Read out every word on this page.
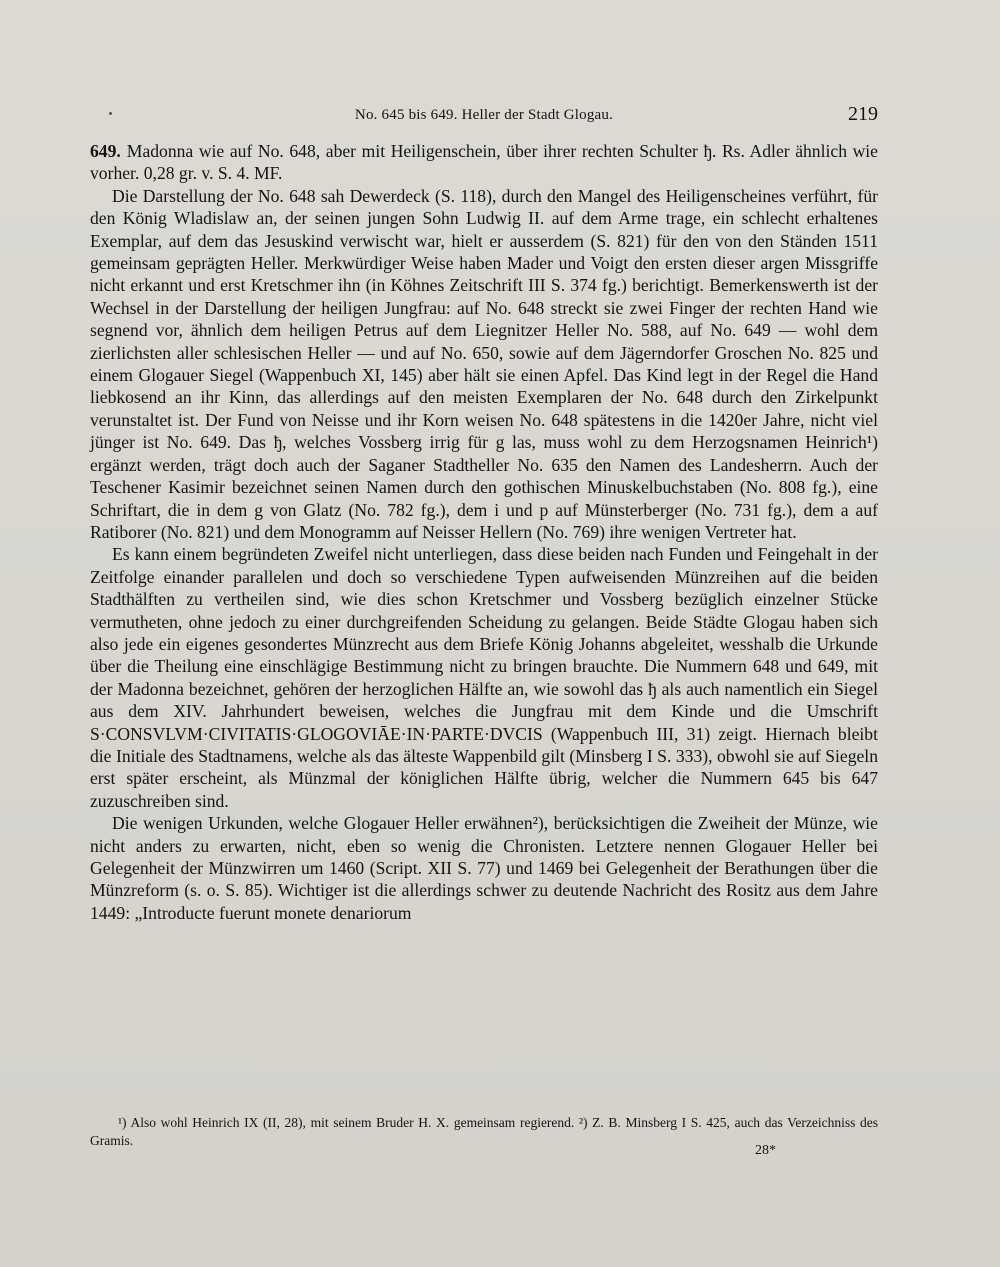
No. 645 bis 649. Heller der Stadt Glogau.	219

649. Madonna wie auf No. 648, aber mit Heiligenschein, über ihrer rechten Schulter ђ. Rs. Adler ähnlich wie vorher. 0,28 gr. v. S. 4. MF.

Die Darstellung der No. 648 sah Dewerdeck (S. 118), durch den Mangel des Heiligenscheines verführt, für den König Wladislaw an, der seinen jungen Sohn Ludwig II. auf dem Arme trage, ein schlecht erhaltenes Exemplar, auf dem das Jesuskind verwischt war, hielt er ausserdem (S. 821) für den von den Ständen 1511 gemeinsam geprägten Heller. Merkwürdiger Weise haben Mader und Voigt den ersten dieser argen Missgriffe nicht erkannt und erst Kretschmer ihn (in Köhnes Zeitschrift III S. 374 fg.) berichtigt. Bemerkenswerth ist der Wechsel in der Darstellung der heiligen Jungfrau: auf No. 648 streckt sie zwei Finger der rechten Hand wie segnend vor, ähnlich dem heiligen Petrus auf dem Liegnitzer Heller No. 588, auf No. 649 — wohl dem zierlichsten aller schlesischen Heller — und auf No. 650, sowie auf dem Jägerndorfer Groschen No. 825 und einem Glogauer Siegel (Wappenbuch XI, 145) aber hält sie einen Apfel. Das Kind legt in der Regel die Hand liebkosend an ihr Kinn, das allerdings auf den meisten Exemplaren der No. 648 durch den Zirkelpunkt verunstaltet ist. Der Fund von Neisse und ihr Korn weisen No. 648 spätestens in die 1420er Jahre, nicht viel jünger ist No. 649. Das ђ, welches Vossberg irrig für g las, muss wohl zu dem Herzogsnamen Heinrich¹) ergänzt werden, trägt doch auch der Saganer Stadtheller No. 635 den Namen des Landesherrn. Auch der Teschener Kasimir bezeichnet seinen Namen durch den gothischen Minuskelbuchstaben (No. 808 fg.), eine Schriftart, die in dem g von Glatz (No. 782 fg.), dem i und p auf Münsterberger (No. 731 fg.), dem a auf Ratiborer (No. 821) und dem Monogramm auf Neisser Hellern (No. 769) ihre wenigen Vertreter hat.

Es kann einem begründeten Zweifel nicht unterliegen, dass diese beiden nach Funden und Feingehalt in der Zeitfolge einander parallelen und doch so verschiedene Typen aufweisenden Münzreihen auf die beiden Stadthälften zu vertheilen sind, wie dies schon Kretschmer und Vossberg bezüglich einzelner Stücke vermutheten, ohne jedoch zu einer durchgreifenden Scheidung zu gelangen. Beide Städte Glogau haben sich also jede ein eigenes gesondertes Münzrecht aus dem Briefe König Johanns abgeleitet, wesshalb die Urkunde über die Theilung eine einschlägige Bestimmung nicht zu bringen brauchte. Die Nummern 648 und 649, mit der Madonna bezeichnet, gehören der herzoglichen Hälfte an, wie sowohl das ђ als auch namentlich ein Siegel aus dem XIV. Jahrhundert beweisen, welches die Jungfrau mit dem Kinde und die Umschrift S·CONSVLVM·CIVITATIS·GLOGOVIĀE·IN·PARTE·DVCIS (Wappenbuch III, 31) zeigt. Hiernach bleibt die Initiale des Stadtnamens, welche als das älteste Wappenbild gilt (Minsberg I S. 333), obwohl sie auf Siegeln erst später erscheint, als Münzmal der königlichen Hälfte übrig, welcher die Nummern 645 bis 647 zuzuschreiben sind.

Die wenigen Urkunden, welche Glogauer Heller erwähnen²), berücksichtigen die Zweiheit der Münze, wie nicht anders zu erwarten, nicht, eben so wenig die Chronisten. Letztere nennen Glogauer Heller bei Gelegenheit der Münzwirren um 1460 (Script. XII S. 77) und 1469 bei Gelegenheit der Berathungen über die Münzreform (s. o. S. 85). Wichtiger ist die allerdings schwer zu deutende Nachricht des Rositz aus dem Jahre 1449: „Introducte fuerunt monete denariorum

¹) Also wohl Heinrich IX (II, 28), mit seinem Bruder H. X. gemeinsam regierend. ²) Z. B. Minsberg I S. 425, auch das Verzeichniss des Gramis.

28*
